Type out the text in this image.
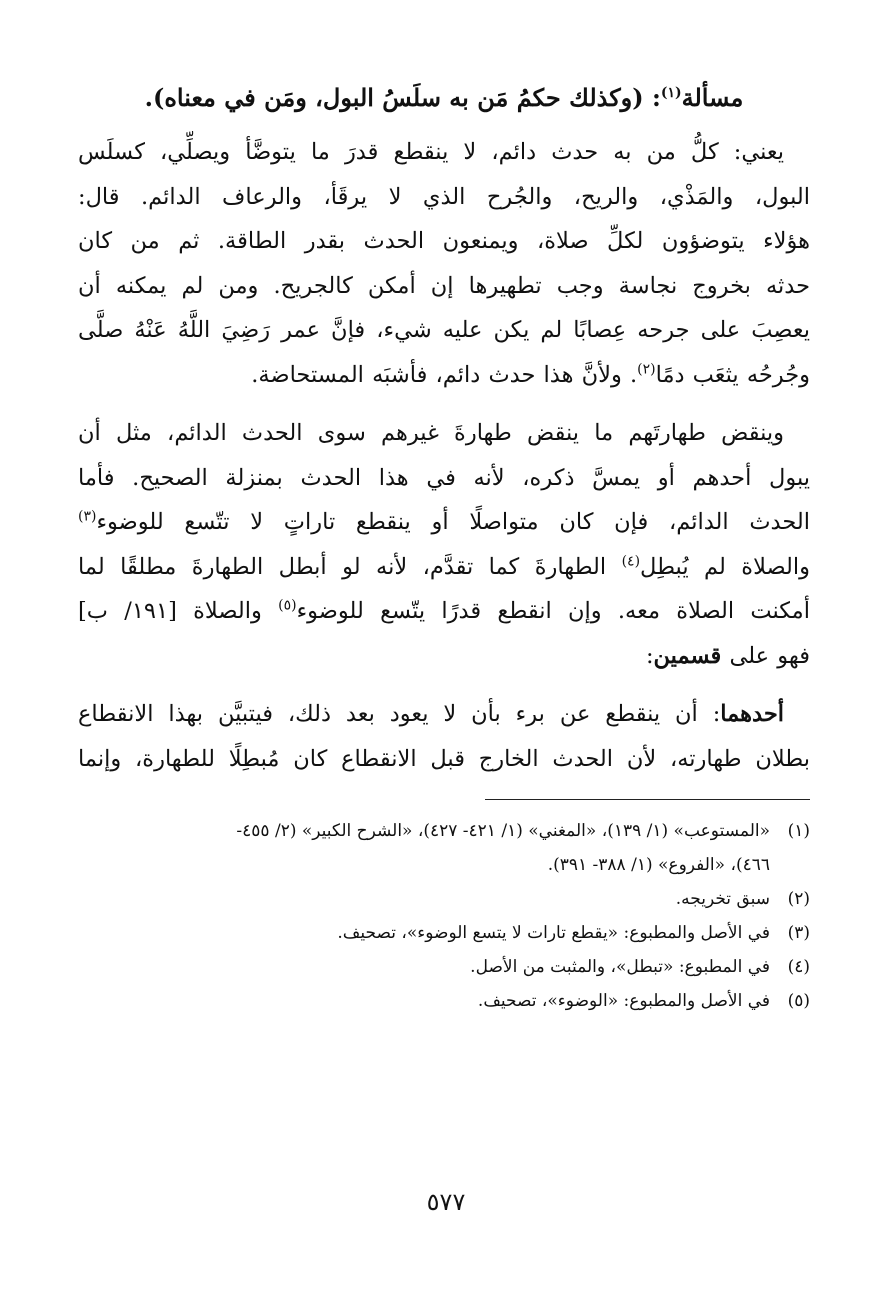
مسألة$^{(١)}$: (وكذلك حكمُ مَن به سلَسُ البول، ومَن في معناه).
يعني: كلُّ من به حدث دائم، لا ينقطع قدرَ ما يتوضَّأ ويصلِّي، كسلَس
البول، والمَذْي، والريح، والجُرح الذي لا يرقَأ، والرعاف الدائم. قال:
هؤلاء يتوضؤون لكلِّ صلاة، ويمنعون الحدث بقدر الطاقة. ثم من كان
حدثه بخروج نجاسة وجب تطهيرها إن أمكن كالجريح. ومن لم يمكنه أن
يعصِبَ على جرحه عِصابًا لم يكن عليه شيء، فإنَّ عمر رَضِيَ اللَّهُ عَنْهُ صلَّى
وجُرحُه يثعَب دمًا$^{(٢)}$. ولأنَّ هذا حدث دائم، فأشبَه المستحاضة.
وينقض طهارتَهم ما ينقض طهارةَ غيرهم سوى الحدث الدائم، مثل أن
يبول أحدهم أو يمسَّ ذكره، لأنه في هذا الحدث بمنزلة الصحيح. فأما
الحدث الدائم، فإن كان متواصلًا أو ينقطع تاراتٍ لا تتّسع للوضوء$^{(٣)}$
والصلاة لم يُبطِل$^{(٤)}$ الطهارةَ كما تقدَّم، لأنه لو أبطل الطهارةَ مطلقًا لما
أمكنت الصلاة معه. وإن انقطع قدرًا يتّسع للوضوء$^{(٥)}$ والصلاة [١٩١/ ب]
فهو على قسمين:
أحدهما: أن ينقطع عن برء بأن لا يعود بعد ذلك، فيتبيَّن بهذا الانقطاع
بطلان طهارته، لأن الحدث الخارج قبل الانقطاع كان مُبطِلًا للطهارة، وإنما
(١)
«المستوعب» (١/ ١٣٩)، «المغني» (١/ ٤٢١- ٤٢٧)، «الشرح الكبير» (٢/ ٤٥٥-
٤٦٦)، «الفروع» (١/ ٣٨٨- ٣٩١).
(٢)
سبق تخريجه.
(٣)
في الأصل والمطبوع: «يقطع تارات لا يتسع الوضوء»، تصحيف.
(٤)
في المطبوع: «تبطل»، والمثبت من الأصل.
(٥)
في الأصل والمطبوع: «الوضوء»، تصحيف.
٥٧٧
